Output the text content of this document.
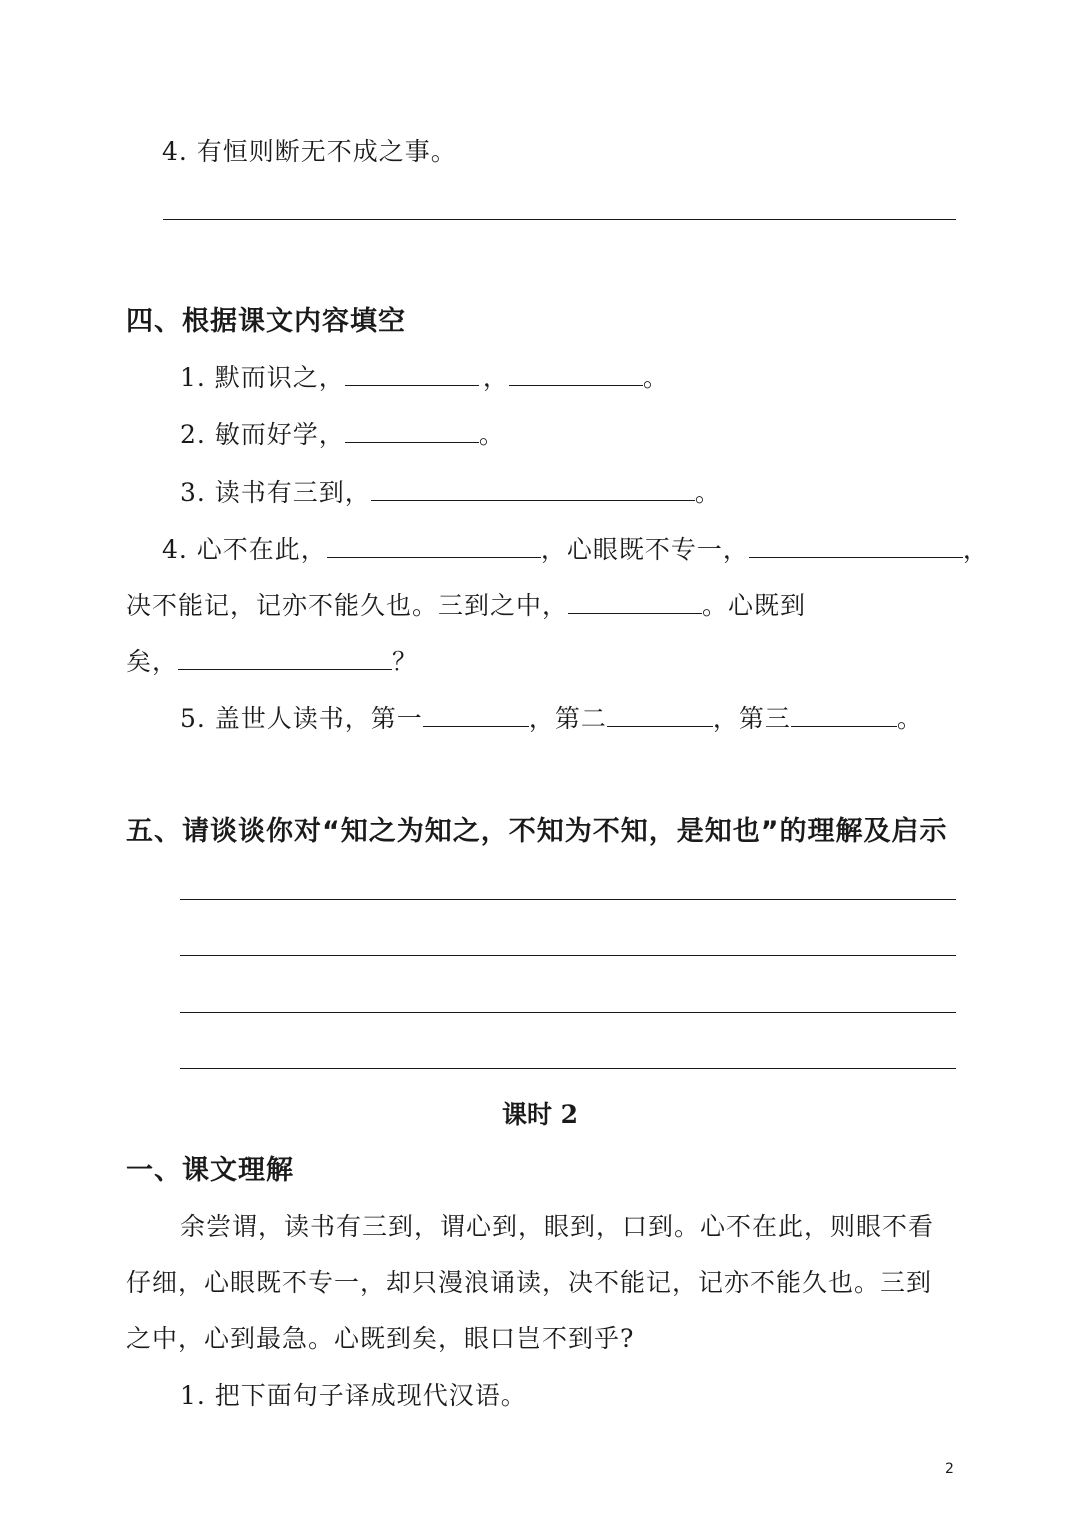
4. 有恒则断无不成之事。
四、根据课文内容填空
1. 默而识之，	，	。
2. 敏而好学，	。
3. 读书有三到，	。
4. 心不在此，	，心眼既不专一，	，
决不能记，记亦不能久也。三到之中，	。心既到
矣，	？
5. 盖世人读书，第一	，第二	，第三	。
五、请谈谈你对“知之为知之，不知为不知，是知也”的理解及启示
课时 2
一、课文理解
余尝谓，读书有三到，谓心到，眼到，口到。心不在此，则眼不看
仔细，心眼既不专一，却只漫浪诵读，决不能记，记亦不能久也。三到
之中，心到最急。心既到矣，眼口岂不到乎?
1. 把下面句子译成现代汉语。
2
